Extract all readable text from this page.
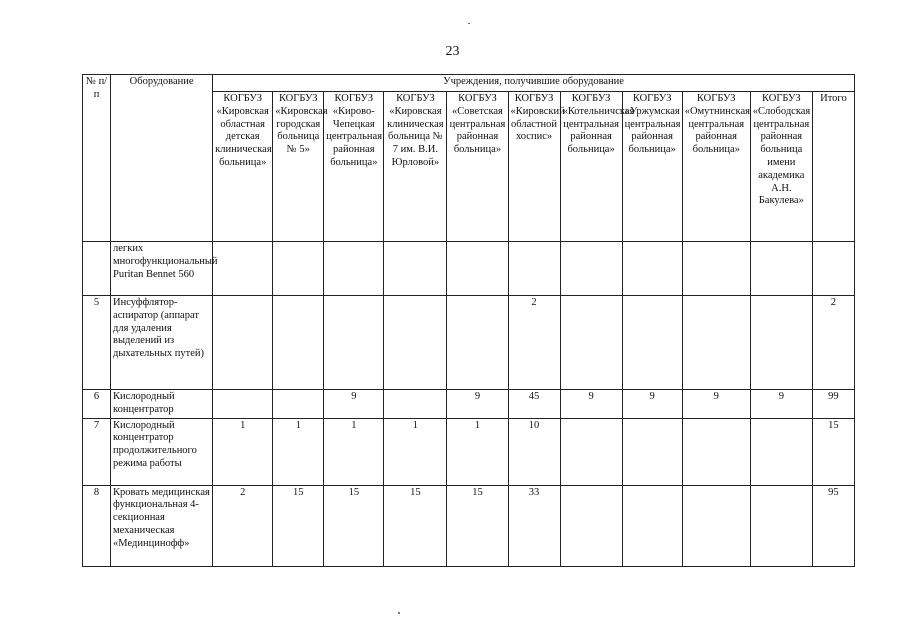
23
№ п/п	Оборудование	Учреждения, получившие оборудование										
		КОГБУЗ «Кировская областная детская клиническая больница»	КОГБУЗ «Кировская городская больница № 5»	КОГБУЗ «Кирово-Чепецкая центральная районная больница»	КОГБУЗ «Кировская клиническая больница № 7 им. В.И. Юрловой»	КОГБУЗ «Советская центральная районная больница»	КОГБУЗ «Кировский областной хоспис»	КОГБУЗ «Котельничская центральная районная больница»	КОГБУЗ «Уржумская центральная районная больница»	КОГБУЗ «Омутнинская центральная районная больница»	КОГБУЗ «Слободская центральная районная больница имени академика А.Н. Бакулева»	Итого
	легких многофункциональный Puritan Bennet 560											
5	Инсуффлятор-аспиратор (аппарат для удаления выделений из дыхательных путей)						2					2
6	Кислородный концентратор			9		9	45	9	9	9	9	99
7	Кислородный концентратор продолжительного режима работы	1	1	1	1	1	10					15
8	Кровать медицинская функциональная 4-секционная механическая «Мединцинофф»	2	15	15	15	15	33					95
